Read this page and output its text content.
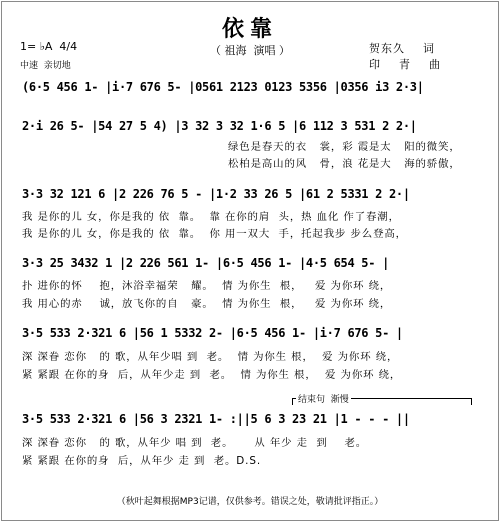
依靠
（ 祖海  演唱 ）
1= ♭A  4/4
中速  亲切地
贺东久    词
印    青    曲
(6·5 456 1- |i·7 676 5- |0561 2123 0123 5356 |0356 i3 2·3|
2·i 26 5- |54 27 5 4) |3 32 3 32 1·6 5 |6 112 3 531 2 2·|
绿色是春天的衣   裳，彩 霞是太   阳的微笑，
松柏是高山的风   骨，浪 花是大   海的骄傲，
3·3 32 121 6 |2 226 76 5 - |1·2 33 26 5 |61 2 5331 2 2·|
我 是你的儿 女，你是我的 依  靠。  靠 在你的肩  头，热 血化 作了春潮，
我 是你的儿 女，你是我的 依  靠。  你 用一双大  手，托起我步 步么登高，
3·3 25 3432 1 |2 226 561 1- |6·5 456 1- |4·5 654 5- |
扑 进你的怀    抱，沐浴幸福荣   耀。  情 为你生  根，   爱 为你环 绕，
我 用心的赤    诚，放飞你的自   豪。  情 为你生  根，   爱 为你环 绕，
3·5 533 2·321 6 |56 1 5332 2- |6·5 456 1- |i·7 676 5- |
深 深眷 恋你   的 歌，从年少唱 到  老。  情 为你生 根，  爱 为你环 绕，
紧 紧跟 在你的身  后，从年少走 到  老。  情 为你生 根，  爱 为你环 绕，
结束句  渐慢
3·5 533 2·321 6 |56 3 2321 1- :||5 6 3 23 21 |1 - - - ||
深 深眷 恋你   的 歌，从年少 唱 到  老。     从 年少 走  到    老。
紧 紧跟 在你的身  后，从年少 走 到  老。D.S.
（秋叶起舞根据MP3记谱，仅供参考。错误之处，敬请批评指正。）
